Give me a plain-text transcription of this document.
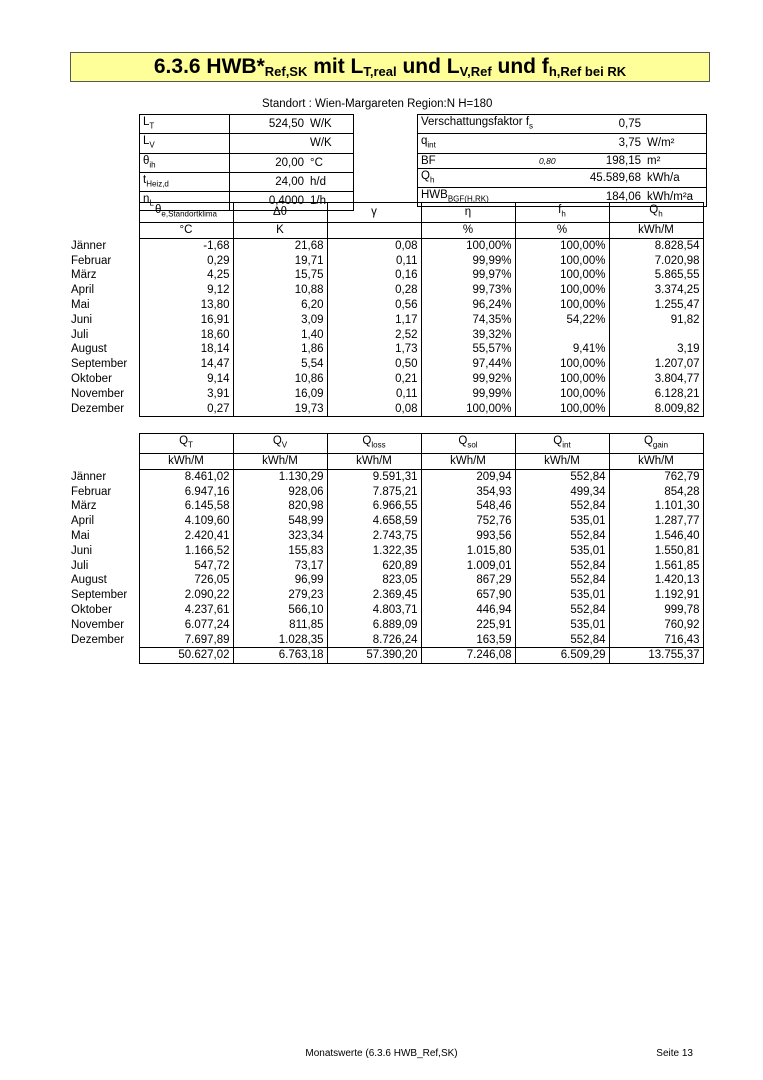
6.3.6 $HWB*_{Ref,SK}$ mit $L_{T,real}$ und $L_{V,Ref}$ und $f_{h,Ref bei RK}$
Standort : Wien-Margareten Region:N H=180
$L_T$	524,50	W/K
$L_V$		W/K
$\theta_{ih}$	20,00	°C
$t_{Heiz,d}$	24,00	h/d
$n_L$	0,4000	1/h
Verschattungsfaktor $f_s$		0,75	
$q_{int}$		3,75	W/m²
BF	0,80	198,15	m²
$Q_h$		45.589,68	kWh/a
$HWB_{BGF(H,RK)}$		184,06	kWh/m²a
	$\theta_{e,Standortklima}$	Δθ	γ	η	$f_h$	$Q_h$
	°C	K		%	%	kWh/M
Jänner	-1,68	21,68	0,08	100,00%	100,00%	8.828,54
Februar	0,29	19,71	0,11	99,99%	100,00%	7.020,98
März	4,25	15,75	0,16	99,97%	100,00%	5.865,55
April	9,12	10,88	0,28	99,73%	100,00%	3.374,25
Mai	13,80	6,20	0,56	96,24%	100,00%	1.255,47
Juni	16,91	3,09	1,17	74,35%	54,22%	91,82
Juli	18,60	1,40	2,52	39,32%		
August	18,14	1,86	1,73	55,57%	9,41%	3,19
September	14,47	5,54	0,50	97,44%	100,00%	1.207,07
Oktober	9,14	10,86	0,21	99,92%	100,00%	3.804,77
November	3,91	16,09	0,11	99,99%	100,00%	6.128,21
Dezember	0,27	19,73	0,08	100,00%	100,00%	8.009,82
	$Q_T$	$Q_V$	$Q_{loss}$	$Q_{sol}$	$Q_{int}$	$Q_{gain}$
	kWh/M	kWh/M	kWh/M	kWh/M	kWh/M	kWh/M
Jänner	8.461,02	1.130,29	9.591,31	209,94	552,84	762,79
Februar	6.947,16	928,06	7.875,21	354,93	499,34	854,28
März	6.145,58	820,98	6.966,55	548,46	552,84	1.101,30
April	4.109,60	548,99	4.658,59	752,76	535,01	1.287,77
Mai	2.420,41	323,34	2.743,75	993,56	552,84	1.546,40
Juni	1.166,52	155,83	1.322,35	1.015,80	535,01	1.550,81
Juli	547,72	73,17	620,89	1.009,01	552,84	1.561,85
August	726,05	96,99	823,05	867,29	552,84	1.420,13
September	2.090,22	279,23	2.369,45	657,90	535,01	1.192,91
Oktober	4.237,61	566,10	4.803,71	446,94	552,84	999,78
November	6.077,24	811,85	6.889,09	225,91	535,01	760,92
Dezember	7.697,89	1.028,35	8.726,24	163,59	552,84	716,43
	50.627,02	6.763,18	57.390,20	7.246,08	6.509,29	13.755,37
Monatswerte (6.3.6 HWB_Ref,SK)	Seite 13
